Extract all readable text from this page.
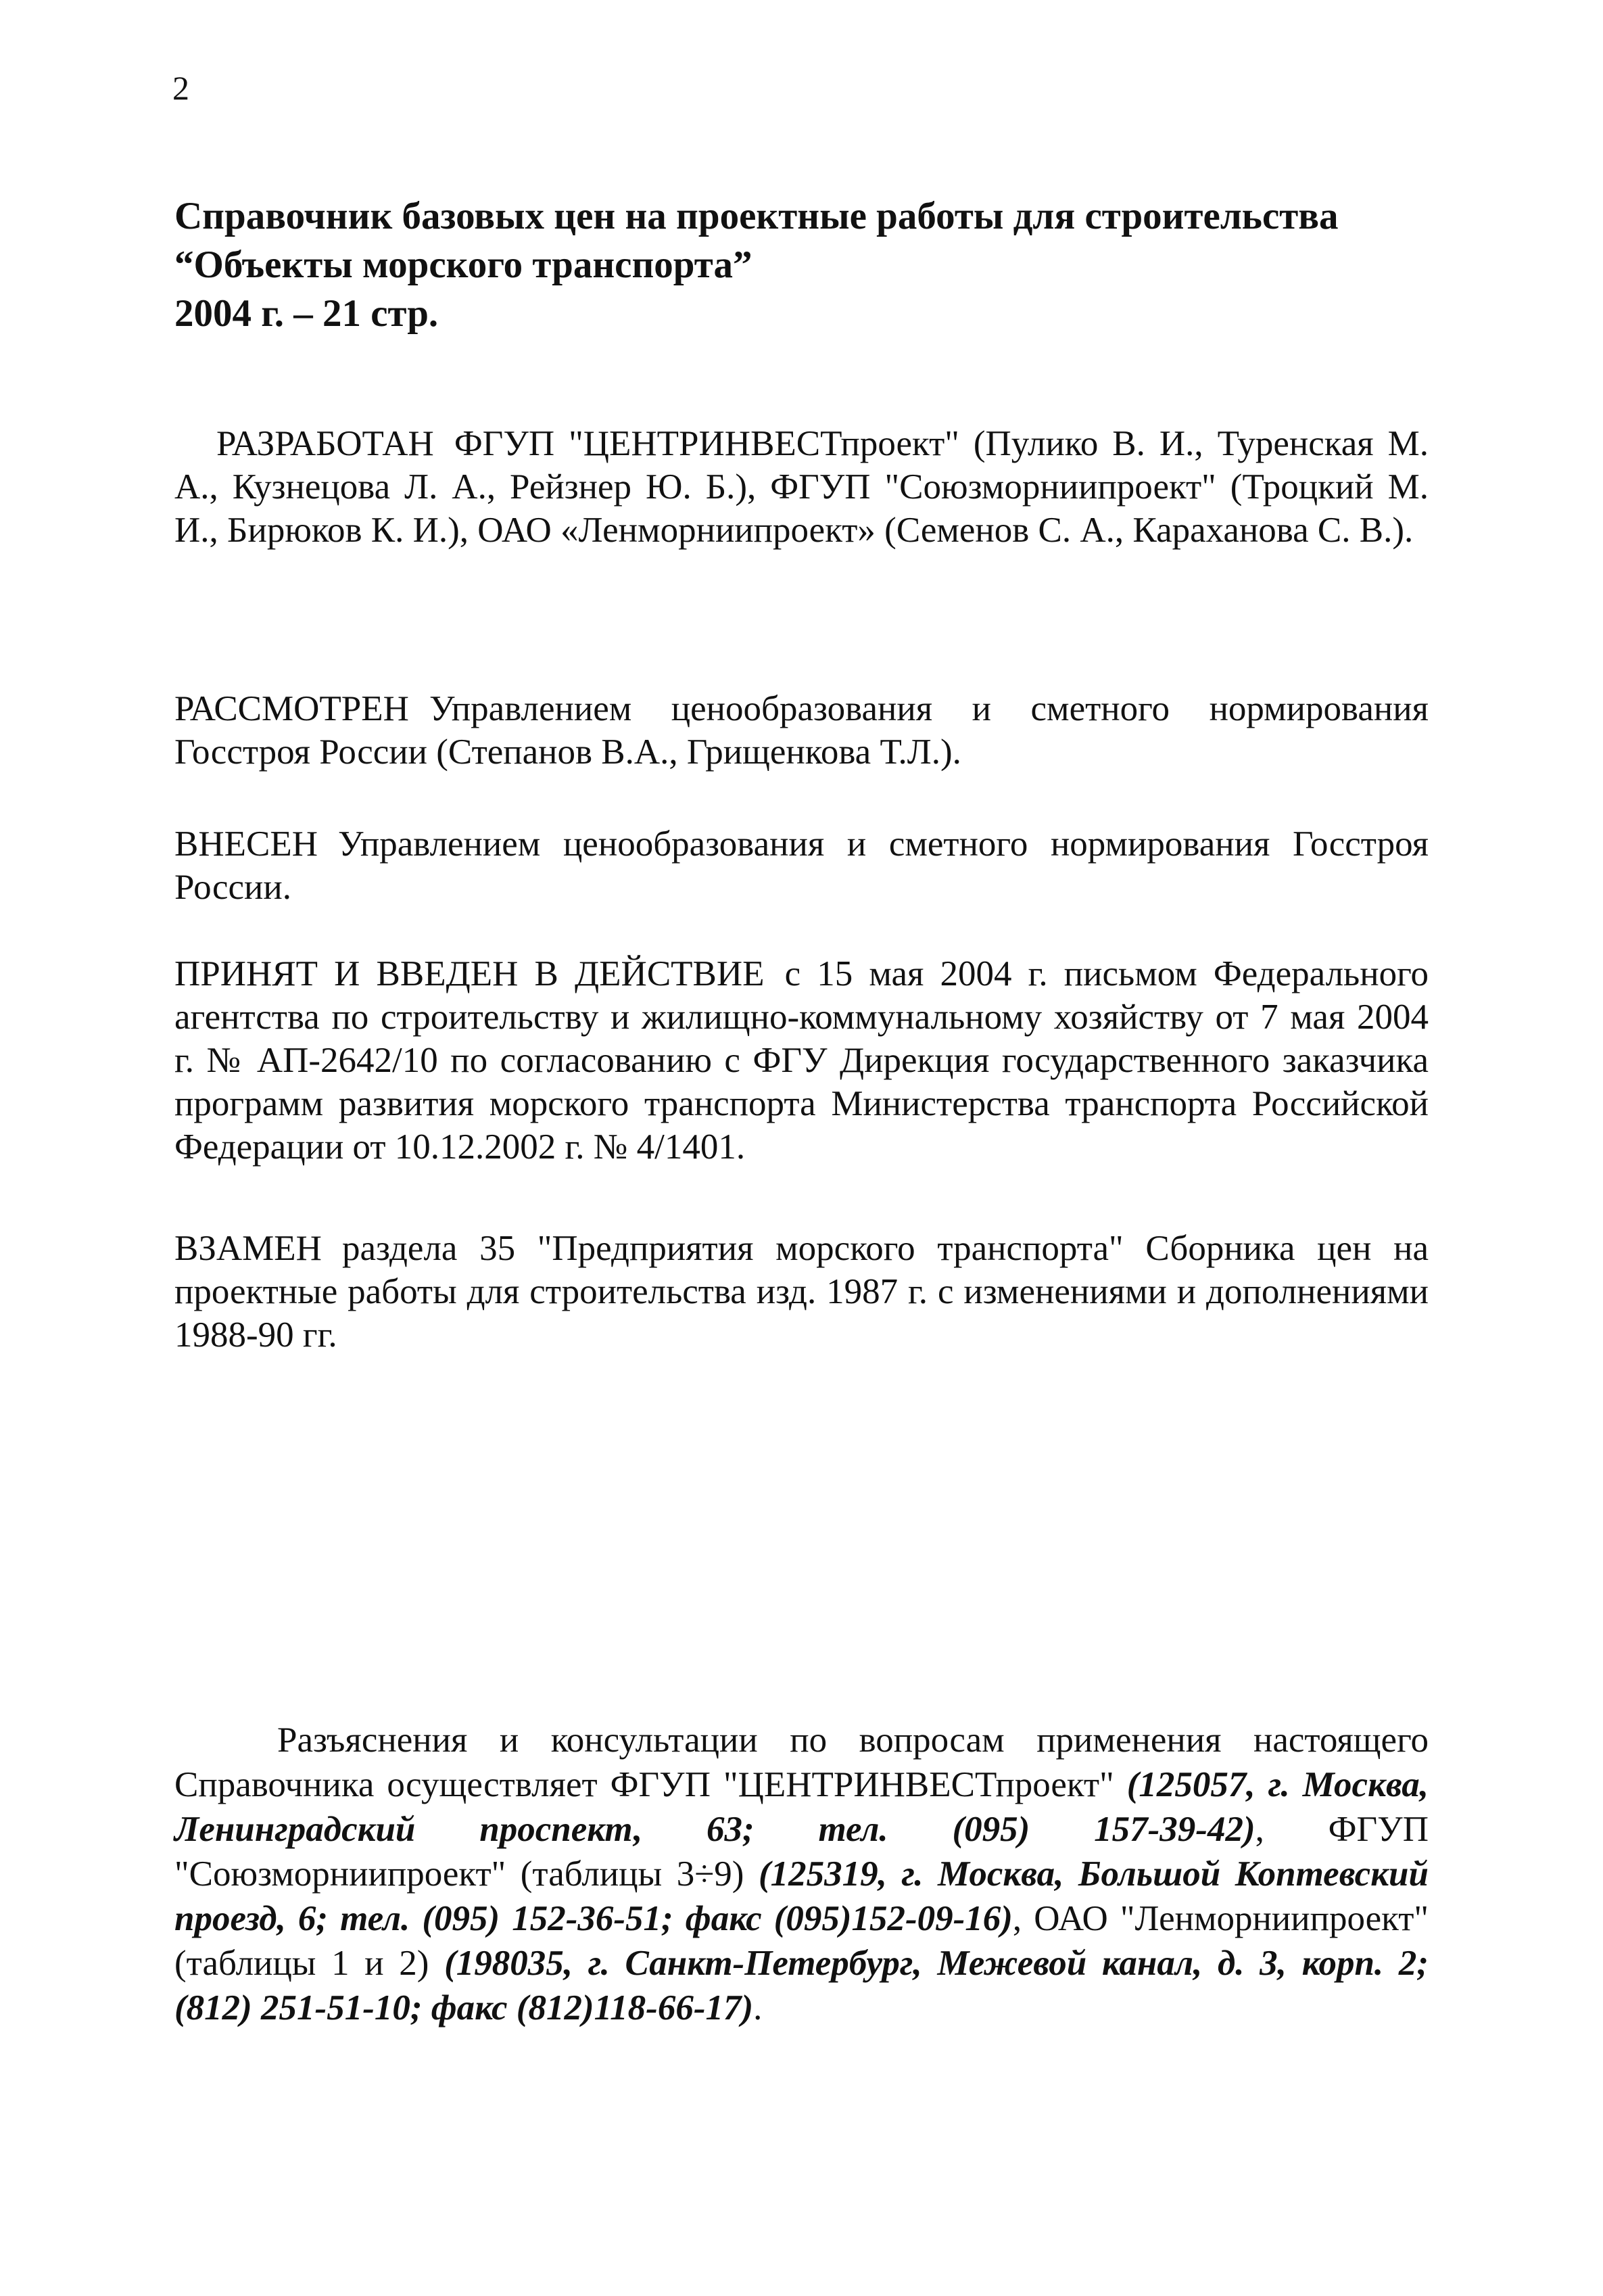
2
Справочник базовых цен на проектные работы для строительства
“Объекты морского транспорта”
2004 г. – 21 стр.
РАЗРАБОТАН ФГУП "ЦЕНТРИНВЕСТпроект" (Пулико В. И., Туренская М. А., Кузнецова Л. А., Рейзнер Ю. Б.), ФГУП "Союзморниипроект" (Троцкий М. И., Бирюков К. И.), ОАО «Ленморниипроект» (Семенов С. А., Караханова С. В.).
РАССМОТРЕН Управлением ценообразования и сметного нормирования Госстроя России (Степанов В.А., Грищенкова Т.Л.).
ВНЕСЕН Управлением ценообразования и сметного нормирования Госстроя России.
ПРИНЯТ И ВВЕДЕН В ДЕЙСТВИЕ с 15 мая 2004 г. письмом Федерального агентства по строительству и жилищно-коммунальному хозяйству от 7 мая 2004 г. № АП-2642/10 по согласованию с ФГУ Дирекция государственного заказчика программ развития морского транспорта Министерства транспорта Российской Федерации от 10.12.2002 г. № 4/1401.
ВЗАМЕН раздела 35 "Предприятия морского транспорта" Сборника цен на проектные работы для строительства изд. 1987 г. с изменениями и дополнениями 1988-90 гг.
Разъяснения и консультации по вопросам применения настоящего Справочника осуществляет ФГУП "ЦЕНТРИНВЕСТпроект" (125057, г. Москва, Ленинградский проспект, 63; тел. (095) 157-39-42), ФГУП "Союзморниипроект" (таблицы 3÷9) (125319, г. Москва, Большой Коптевский проезд, 6; тел. (095) 152-36-51; факс (095)152-09-16), ОАО "Ленморниипроект" (таблицы 1 и 2) (198035, г. Санкт-Петербург, Межевой канал, д. 3, корп. 2; (812) 251-51-10; факс (812)118-66-17).
